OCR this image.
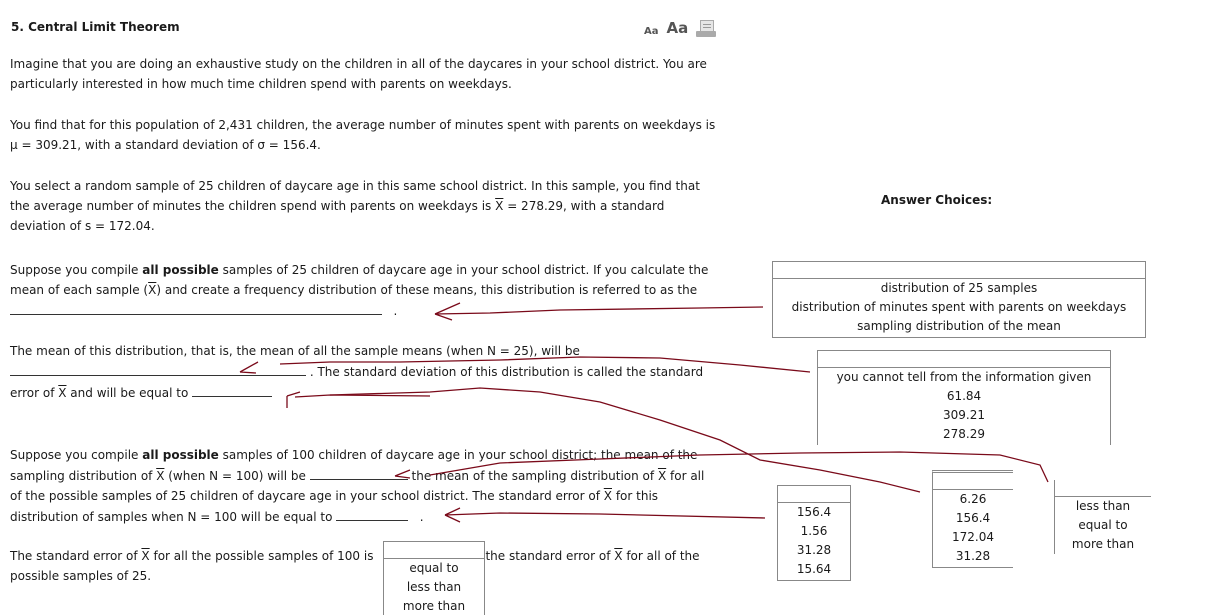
5. Central Limit Theorem	Aa Aa
Imagine that you are doing an exhaustive study on the children in all of the daycares in your school district. You are particularly interested in how much time children spend with parents on weekdays.
You find that for this population of 2,431 children, the average number of minutes spent with parents on weekdays is
μ = 309.21, with a standard deviation of σ = 156.4.
You select a random sample of 25 children of daycare age in this same school district. In this sample, you find that
the average number of minutes the children spend with parents on weekdays is $\overline{X} = 278.29$, with a standard
deviation of s = 172.04.
Suppose you compile all possible samples of 25 children of daycare age in your school district. If you calculate the
mean of each sample $(\overline{X})$ and create a frequency distribution of these means, this distribution is referred to as the
.
The mean of this distribution, that is, the mean of all the sample means (when N = 25), will be
. The standard deviation of this distribution is called the standard
error of $\overline{X}$ and will be equal to
Suppose you compile all possible samples of 100 children of daycare age in your school district; the mean of the
sampling distribution of $\overline{X}$ (when N = 100) will be	the mean of the sampling distribution of $\overline{X}$ for all
of the possible samples of 25 children of daycare age in your school district. The standard error of $\overline{X}$ for this
distribution of samples when N = 100 will be equal to	.
The standard error of $\overline{X}$ for all the possible samples of 100 is	the standard error of $\overline{X}$ for all of the
possible samples of 25.
Answer Choices:
distribution of 25 samples
distribution of minutes spent with parents on weekdays
sampling distribution of the mean
you cannot tell from the information given
61.84
309.21
278.29
156.4
1.56
31.28
15.64
6.26
156.4
172.04
31.28
less than
equal to
more than
equal to
less than
more than
